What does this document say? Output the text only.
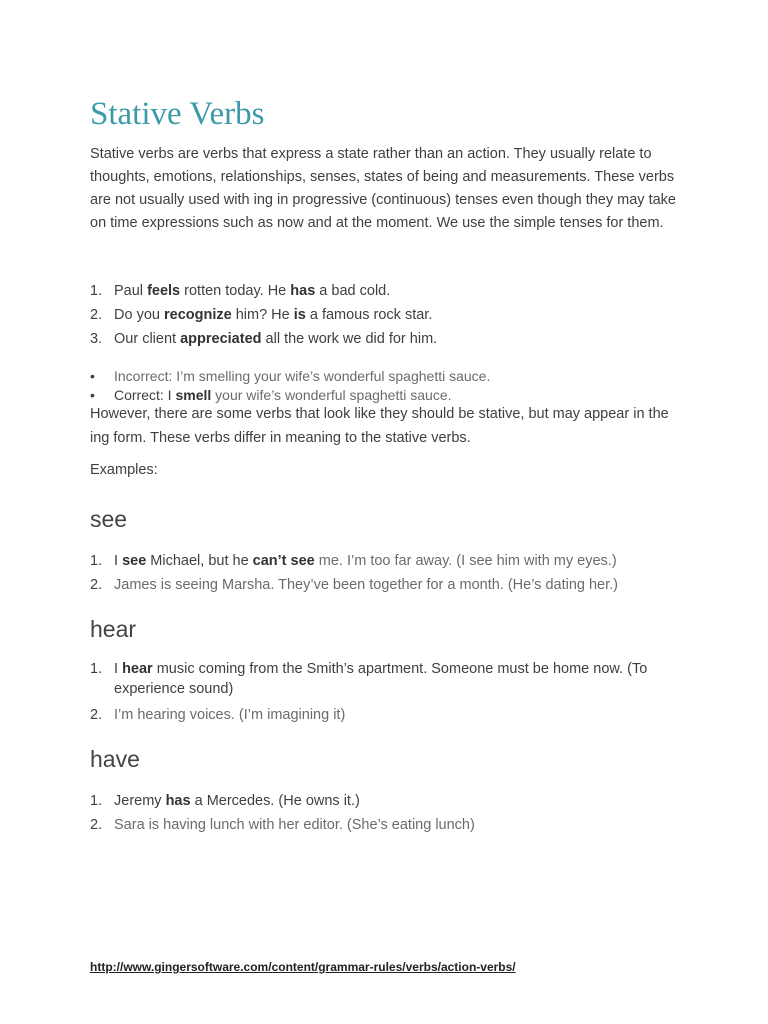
Stative Verbs

Stative verbs are verbs that express a state rather than an action. They usually relate to thoughts, emotions, relationships, senses, states of being and measurements. These verbs are not usually used with ing in progressive (continuous) tenses even though they may take on time expressions such as now and at the moment. We use the simple tenses for them.

1. Paul feels rotten today. He has a bad cold.
2. Do you recognize him? He is a famous rock star.
3. Our client appreciated all the work we did for him.
• Incorrect: I’m smelling your wife’s wonderful spaghetti sauce.
• Correct: I smell your wife’s wonderful spaghetti sauce.

However, there are some verbs that look like they should be stative, but may appear in the ing form. These verbs differ in meaning to the stative verbs.

Examples:

see
1. I see Michael, but he can’t see me. I’m too far away. (I see him with my eyes.)
2. James is seeing Marsha. They’ve been together for a month. (He’s dating her.)
hear
1. I hear music coming from the Smith’s apartment. Someone must be home now. (To experience sound)
2. I’m hearing voices. (I’m imagining it)
have
1. Jeremy has a Mercedes. (He owns it.)
2. Sara is having lunch with her editor. (She’s eating lunch)
http://www.gingersoftware.com/content/grammar-rules/verbs/action-verbs/
